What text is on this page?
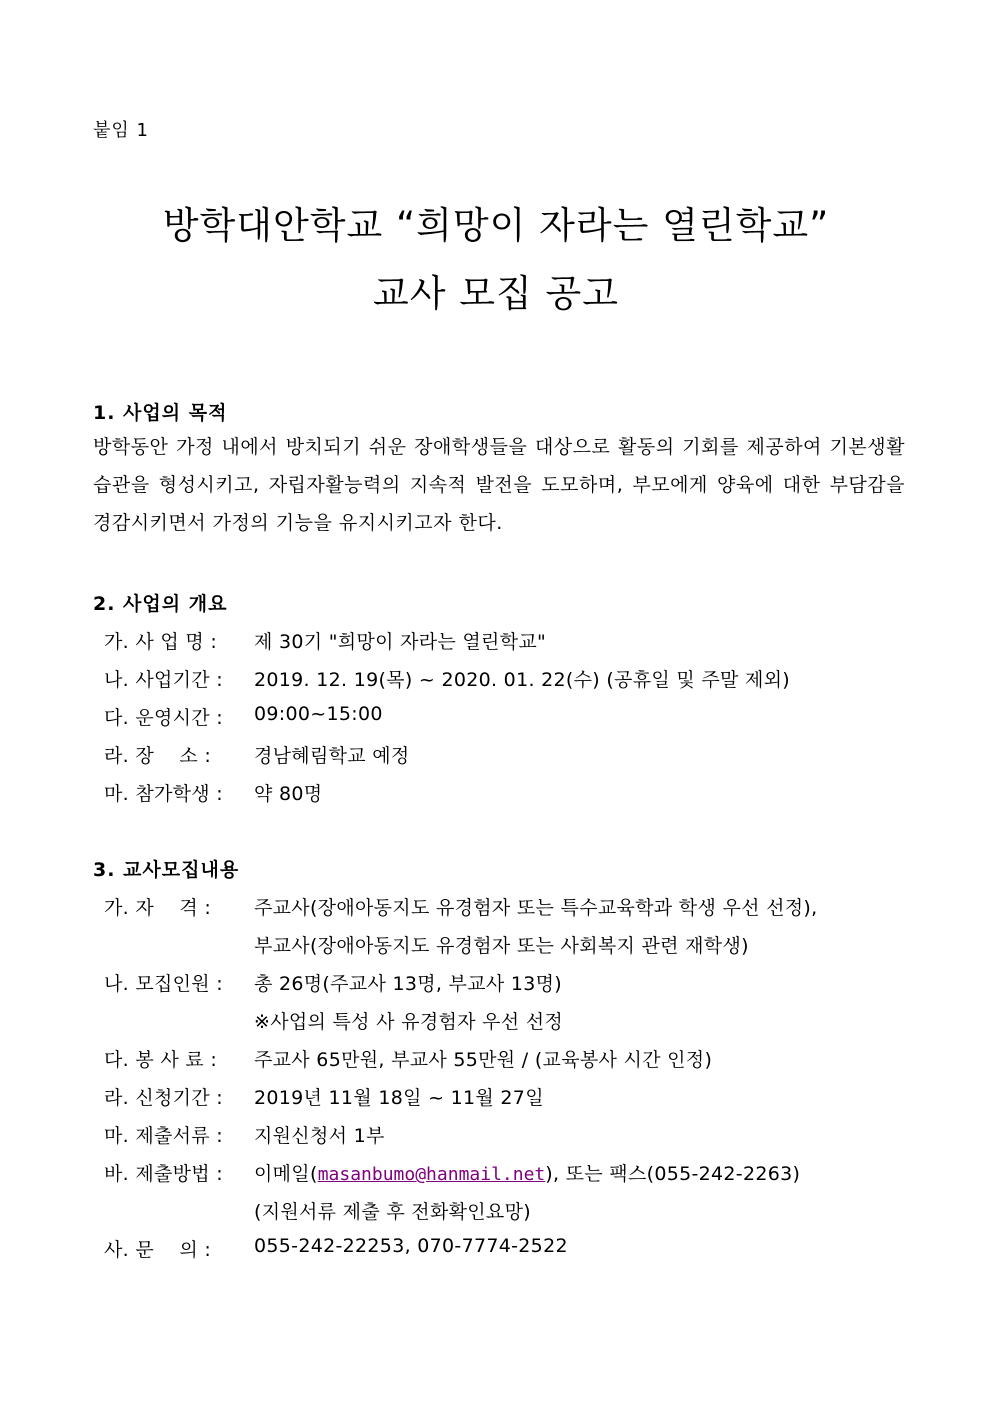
붙임 1
방학대안학교 “희망이 자라는 열린학교”
교사 모집 공고
1. 사업의 목적
방학동안 가정 내에서 방치되기 쉬운 장애학생들을 대상으로 활동의 기회를 제공하여 기본생활습관을 형성시키고, 자립자활능력의 지속적 발전을 도모하며, 부모에게 양육에 대한 부담감을 경감시키면서 가정의 기능을 유지시키고자 한다.
2. 사업의 개요
가. 사 업 명 : 제 30기 "희망이 자라는 열린학교"
나. 사업기간 : 2019. 12. 19(목) ~ 2020. 01. 22(수) (공휴일 및 주말 제외)
다. 운영시간 : 09:00~15:00
라. 장    소 : 경남혜림학교 예정
마. 참가학생 : 약 80명
3. 교사모집내용
가. 자    격 : 주교사(장애아동지도 유경험자 또는 특수교육학과 학생 우선 선정),
부교사(장애아동지도 유경험자 또는 사회복지 관련 재학생)
나. 모집인원 : 총 26명(주교사 13명, 부교사 13명)
※사업의 특성 사 유경험자 우선 선정
다. 봉 사 료 : 주교사 65만원, 부교사 55만원 / (교육봉사 시간 인정)
라. 신청기간 : 2019년 11월 18일 ~ 11월 27일
마. 제출서류 : 지원신청서 1부
바. 제출방법 : 이메일(masanbumo@hanmail.net), 또는 팩스(055-242-2263)
(지원서류 제출 후 전화확인요망)
사. 문    의 : 055-242-22253, 070-7774-2522
